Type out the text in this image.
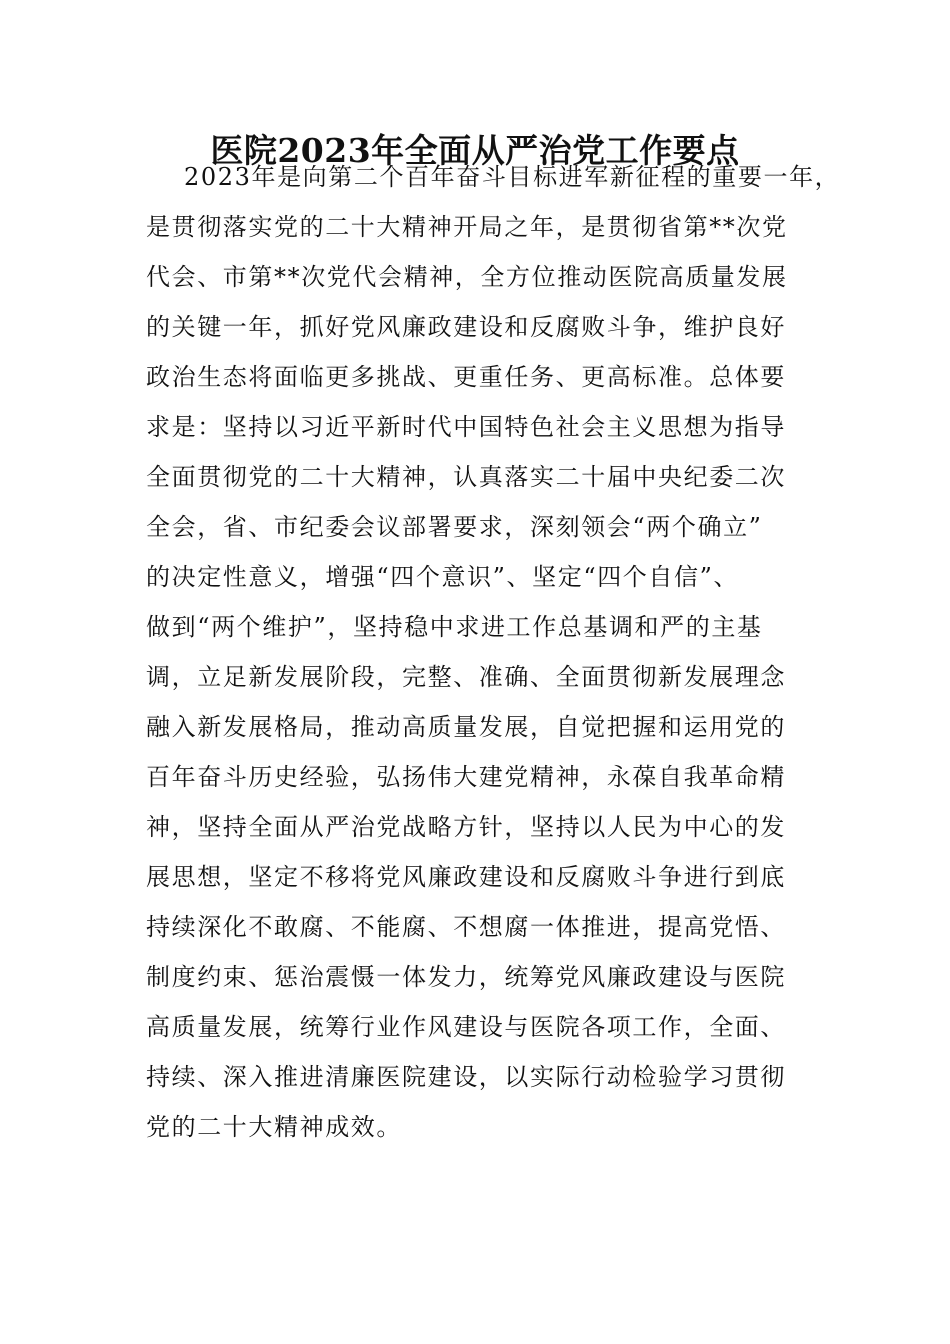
医院2023年全面从严治党工作要点
2023年是向第二个百年奋斗目标进军新征程的重要一年，
是贯彻落实党的二十大精神开局之年，是贯彻省第**次党
代会、市第**次党代会精神，全方位推动医院高质量发展
的关键一年，抓好党风廉政建设和反腐败斗争，维护良好
政治生态将面临更多挑战、更重任务、更高标准。总体要
求是：坚持以习近平新时代中国特色社会主义思想为指导
全面贯彻党的二十大精神，认真落实二十届中央纪委二次
全会，省、市纪委会议部署要求，深刻领会“两个确立”
的决定性意义，增强“四个意识”、坚定“四个自信”、
做到“两个维护”，坚持稳中求进工作总基调和严的主基
调，立足新发展阶段，完整、准确、全面贯彻新发展理念
融入新发展格局，推动高质量发展，自觉把握和运用党的
百年奋斗历史经验，弘扬伟大建党精神，永葆自我革命精
神，坚持全面从严治党战略方针，坚持以人民为中心的发
展思想，坚定不移将党风廉政建设和反腐败斗争进行到底
持续深化不敢腐、不能腐、不想腐一体推进，提高党悟、
制度约束、惩治震慑一体发力，统筹党风廉政建设与医院
高质量发展，统筹行业作风建设与医院各项工作，全面、
持续、深入推进清廉医院建设，以实际行动检验学习贯彻
党的二十大精神成效。
